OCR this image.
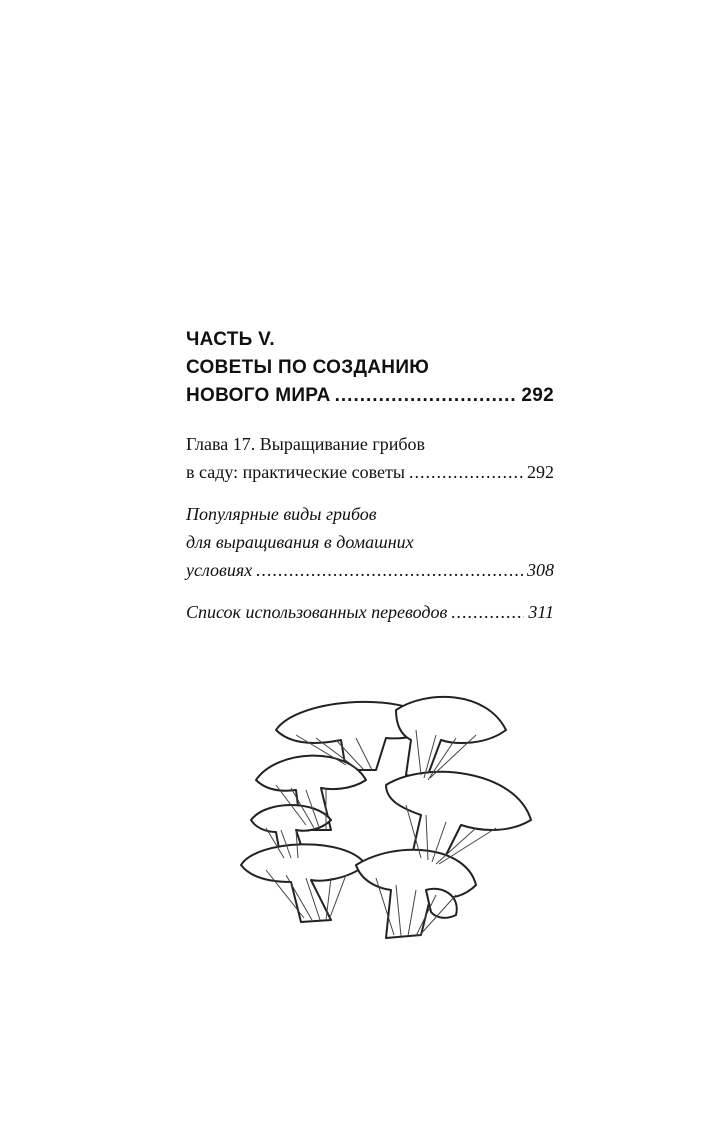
ЧАСТЬ V.
СОВЕТЫ ПО СОЗДАНИЮ
НОВОГО МИРА .....	292
Глава 17. Выращивание грибов
в саду: практические советы .....	292
Популярные виды грибов
для выращивания в домашних
условиях .....	308
Список использованных переводов .....	311
